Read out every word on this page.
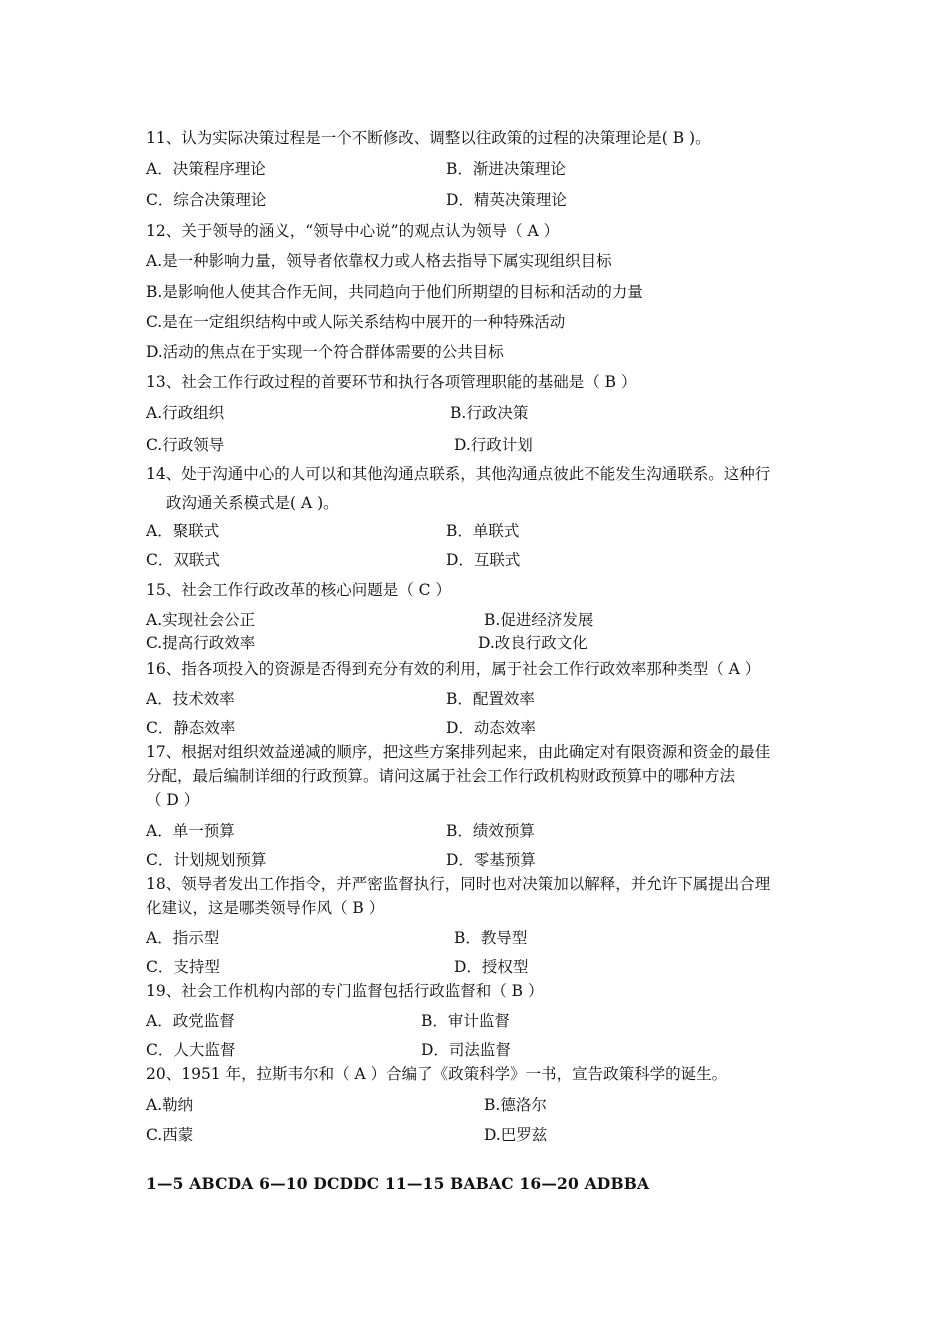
11、认为实际决策过程是一个不断修改、调整以往政策的过程的决策理论是( B )。
A．决策程序理论	B．渐进决策理论
C．综合决策理论	D．精英决策理论
12、关于领导的涵义，“领导中心说”的观点认为领导（ A ）
A.是一种影响力量，领导者依靠权力或人格去指导下属实现组织目标
B.是影响他人使其合作无间，共同趋向于他们所期望的目标和活动的力量
C.是在一定组织结构中或人际关系结构中展开的一种特殊活动
D.活动的焦点在于实现一个符合群体需要的公共目标
13、社会工作行政过程的首要环节和执行各项管理职能的基础是（ B ）
A.行政组织	B.行政决策
C.行政领导	D.行政计划
14、处于沟通中心的人可以和其他沟通点联系，其他沟通点彼此不能发生沟通联系。这种行
政沟通关系模式是( A )。
A．聚联式	B．单联式
C．双联式	D．互联式
15、社会工作行政改革的核心问题是（ C ）
A.实现社会公正	B.促进经济发展
C.提高行政效率	D.改良行政文化
16、指各项投入的资源是否得到充分有效的利用，属于社会工作行政效率那种类型（ A ）
A．技术效率	B．配置效率
C．静态效率	D．动态效率
17、根据对组织效益递减的顺序，把这些方案排列起来，由此确定对有限资源和资金的最佳
分配，最后编制详细的行政预算。请问这属于社会工作行政机构财政预算中的哪种方法
（ D ）
A．单一预算	B．绩效预算
C．计划规划预算	D．零基预算
18、领导者发出工作指令，并严密监督执行，同时也对决策加以解释，并允许下属提出合理
化建议，这是哪类领导作风（ B ）
A．指示型	B．教导型
C．支持型	D．授权型
19、社会工作机构内部的专门监督包括行政监督和（ B ）
A．政党监督	B．审计监督
C．人大监督	D．司法监督
20、1951 年，拉斯韦尔和（ A ）合编了《政策科学》一书，宣告政策科学的诞生。
A.勒纳	B.德洛尔
C.西蒙	D.巴罗兹
1—5 ABCDA 6—10 DCDDC 11—15 BABAC 16—20 ADBBA
